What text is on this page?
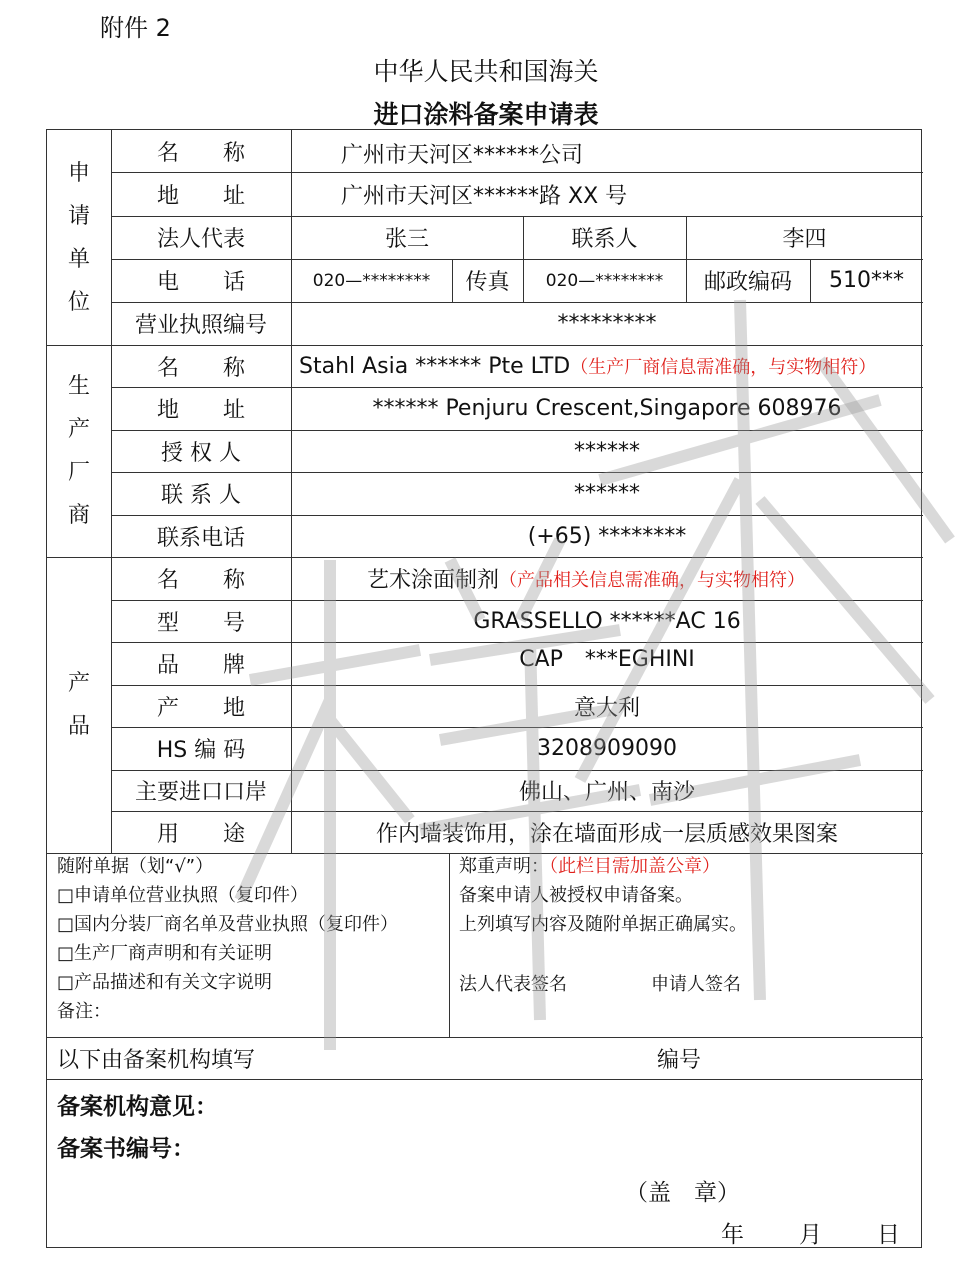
附件 2
中华人民共和国海关
进口涂料备案申请表
申
请
单
位
名　　称	广州市天河区******公司
地　　址	广州市天河区******路 XX 号
法人代表	张三	联系人	李四
电　　话	020—********	传真	020—********	邮政编码	510***
营业执照编号	*********
生
产
厂
商
名　　称	Stahl Asia ****** Pte LTD （生产厂商信息需准确，与实物相符）
地　　址	****** Penjuru Crescent,Singapore 608976
授 权 人	******
联 系 人	******
联系电话	(+65) ********
产
品
名　　称	艺术涂面制剂 （产品相关信息需准确，与实物相符）
型　　号	GRASSELLO ******AC 16
品　　牌	CAP　***EGHINI
产　　地	意大利
HS 编 码	3208909090
主要进口口岸	佛山、广州、南沙
用　　途	作内墙装饰用，涂在墙面形成一层质感效果图案
随附单据（划“√”）
□申请单位营业执照（复印件）
□国内分装厂商名单及营业执照（复印件）
□生产厂商声明和有关证明
□产品描述和有关文字说明
备注：
郑重声明：（此栏目需加盖公章）
备案申请人被授权申请备案。
上列填写内容及随附单据正确属实。
法人代表签名	申请人签名
以下由备案机构填写	编号
备案机构意见：
备案书编号：
（盖　章）
年 月 日
